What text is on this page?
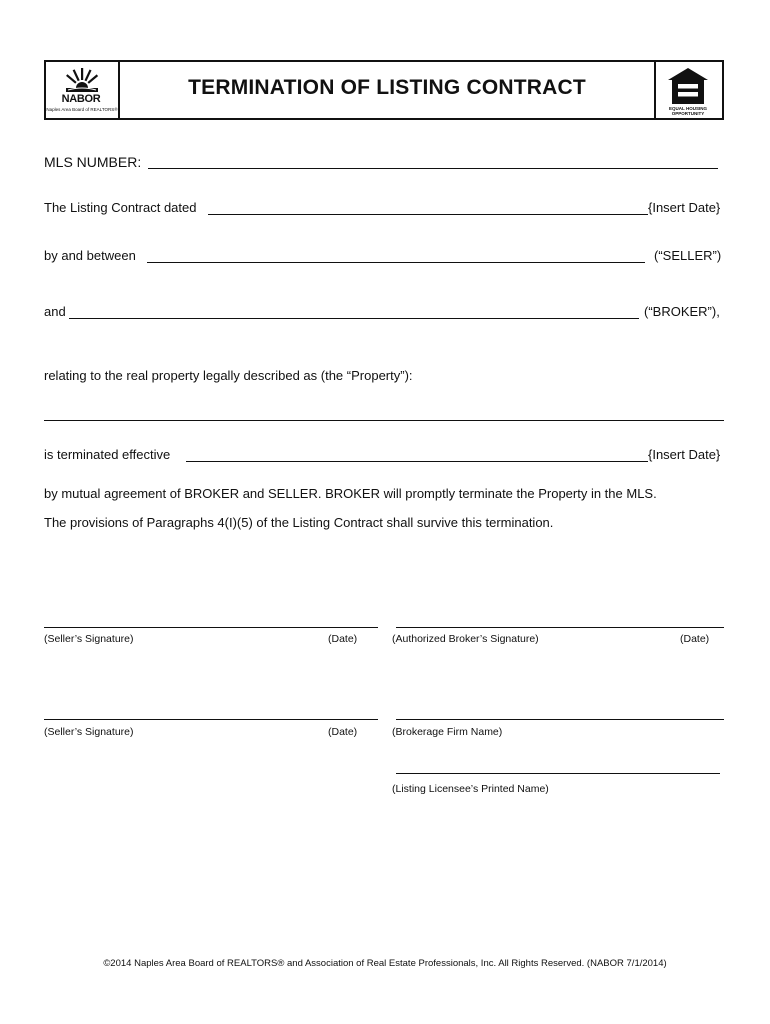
NABOR
Naples Area Board of REALTORS®
TERMINATION OF LISTING CONTRACT
EQUAL HOUSING
OPPORTUNITY
MLS NUMBER:
The Listing Contract dated	{Insert Date}
by and between	(“SELLER”)
and	(“BROKER”),
relating to the real property legally described as (the “Property”):
is terminated effective	{Insert Date}
by mutual agreement of BROKER and SELLER. BROKER will promptly terminate the Property in the MLS.
The provisions of Paragraphs 4(I)(5) of the Listing Contract shall survive this termination.
(Seller’s Signature)	(Date)	(Authorized Broker’s Signature)	(Date)
(Seller’s Signature)	(Date)	(Brokerage Firm Name)
(Listing Licensee’s Printed Name)
©2014 Naples Area Board of REALTORS® and Association of Real Estate Professionals, Inc. All Rights Reserved. (NABOR 7/1/2014)
